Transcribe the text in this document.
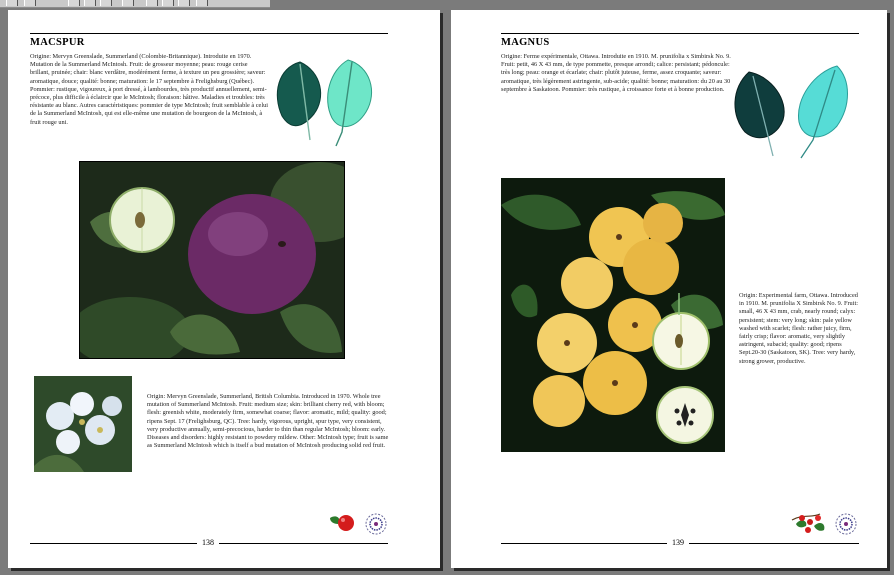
MACSPUR
Origine: Mervyn Greenslade, Summerland (Colombie-Britannique). Introduite en 1970. Mutation de la Summerland McIntosh. Fruit: de grosseur moyenne; peau: rouge cerise brillant, pruinée; chair: blanc verdâtre, modérément ferme, à texture un peu grossière; saveur: aromatique, douce; qualité: bonne; maturation: le 17 septembre à Frelighsburg (Québec). Pommier: rustique, vigoureux, à port dressé, à lambourdes, très productif annuellement, semi-précoce, plus difficile à éclaircir que le McIntosh; floraison: hâtive. Maladies et troubles: très résistante au blanc. Autres caractéristiques: pommier de type McIntosh; fruit semblable à celui de la Summerland McIntosh, qui est elle-même une mutation de bourgeon de la McIntosh, à fruit rouge uni.
Origin: Mervyn Greenslade, Summerland, British Columbia. Introduced in 1970. Whole tree mutation of Summerland McIntosh. Fruit: medium size; skin: brilliant cherry red, with bloom; flesh: greenish white, moderately firm, somewhat coarse; flavor: aromatic, mild; quality: good; ripens Sept. 17 (Frelighsburg, QC). Tree: hardy, vigorous, upright, spur type, very consistent, very productive annually, semi-precocious, harder to thin than regular McIntosh; bloom: early. Diseases and disorders: highly resistant to powdery mildew. Other: McIntosh type; fruit is same as Summerland McIntosh which is itself a bud mutation of McIntosh producing solid red fruit.
138
MAGNUS
Origine: Ferme expérimentale, Ottawa. Introduite en 1910. M. prunifolia x Simbirsk No. 9. Fruit: petit, 46 X 43 mm, de type pommette, presque arrondi; calice: persistant; pédoncule: très long; peau: orange et écarlate; chair: plutôt juteuse, ferme, assez croquante; saveur: aromatique, très légèrement astringente, sub-acide; qualité: bonne; maturation: du 20 au 30 septembre à Saskatoon. Pommier: très rustique, à croissance forte et à bonne production.
Origin: Experimental farm, Ottawa. Introduced in 1910. M. prunifolia X Simbirsk No. 9. Fruit: small, 46 X 43 mm, crab, nearly round; calyx: persistent; stem: very long; skin: pale yellow washed with scarlet; flesh: rather juicy, firm, fairly crisp; flavor: aromatic, very slightly astringent, subacid; quality: good; ripens Sept.20-30 (Saskatoon, SK). Tree: very hardy, strong grower, productive.
139
